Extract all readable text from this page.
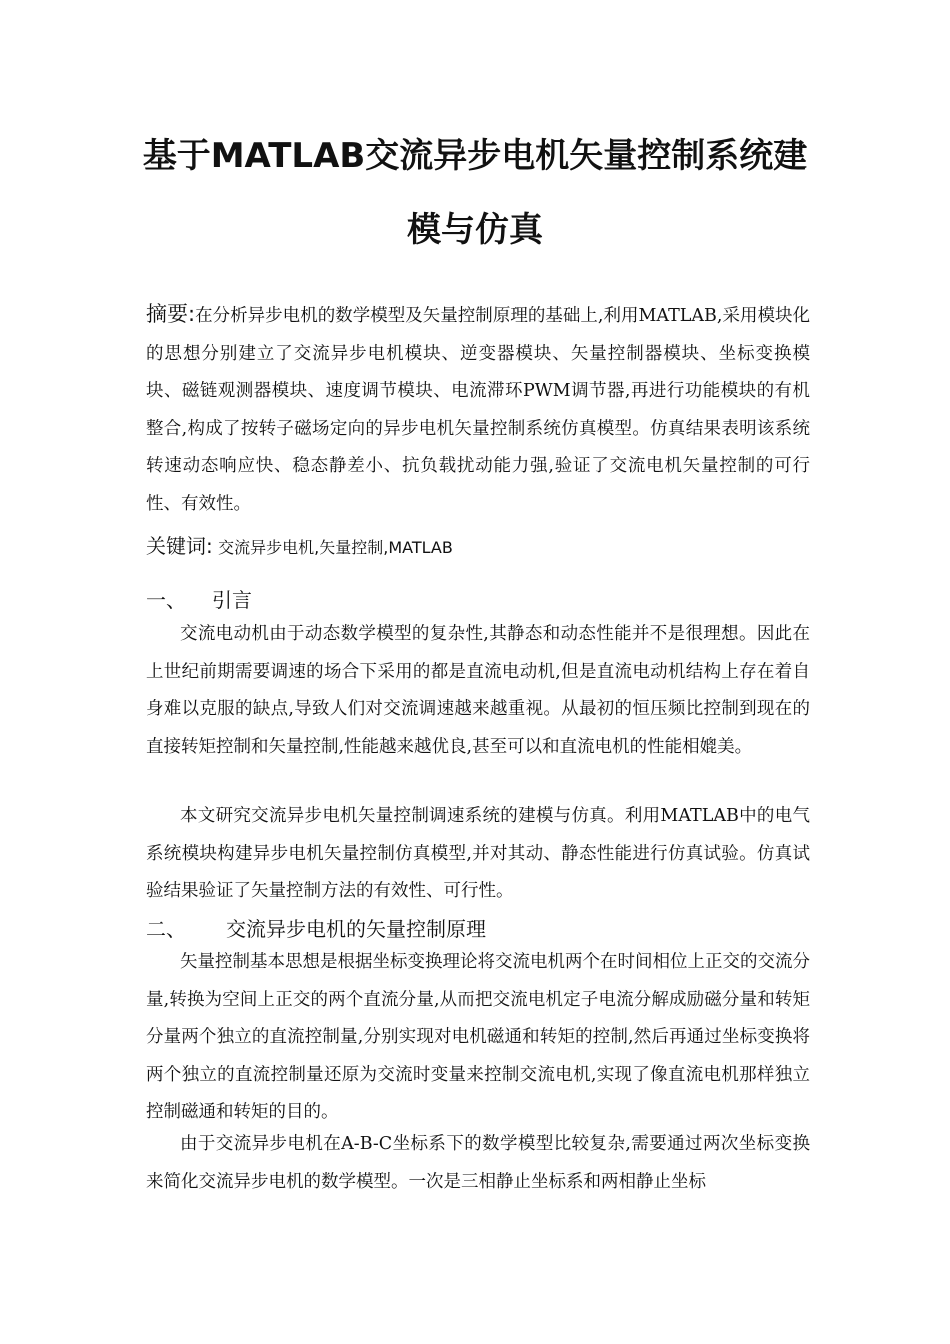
基于MATLAB交流异步电机矢量控制系统建
模与仿真

摘要:在分析异步电机的数学模型及矢量控制原理的基础上,利用MATLAB,采用模块化的思想分别建立了交流异步电机模块、逆变器模块、矢量控制器模块、坐标变换模块、磁链观测器模块、速度调节模块、电流滞环PWM调节器,再进行功能模块的有机整合,构成了按转子磁场定向的异步电机矢量控制系统仿真模型。仿真结果表明该系统转速动态响应快、稳态静差小、抗负载扰动能力强,验证了交流电机矢量控制的可行性、有效性。

关键词: 交流异步电机,矢量控制,MATLAB
一、 引言

交流电动机由于动态数学模型的复杂性,其静态和动态性能并不是很理想。因此在上世纪前期需要调速的场合下采用的都是直流电动机,但是直流电动机结构上存在着自身难以克服的缺点,导致人们对交流调速越来越重视。从最初的恒压频比控制到现在的直接转矩控制和矢量控制,性能越来越优良,甚至可以和直流电机的性能相媲美。

本文研究交流异步电机矢量控制调速系统的建模与仿真。利用MATLAB中的电气系统模块构建异步电机矢量控制仿真模型,并对其动、静态性能进行仿真试验。仿真试验结果验证了矢量控制方法的有效性、可行性。

二、 交流异步电机的矢量控制原理

矢量控制基本思想是根据坐标变换理论将交流电机两个在时间相位上正交的交流分量,转换为空间上正交的两个直流分量,从而把交流电机定子电流分解成励磁分量和转矩分量两个独立的直流控制量,分别实现对电机磁通和转矩的控制,然后再通过坐标变换将两个独立的直流控制量还原为交流时变量来控制交流电机,实现了像直流电机那样独立控制磁通和转矩的目的。

由于交流异步电机在A-B-C坐标系下的数学模型比较复杂,需要通过两次坐标变换来简化交流异步电机的数学模型。一次是三相静止坐标系和两相静止坐标
